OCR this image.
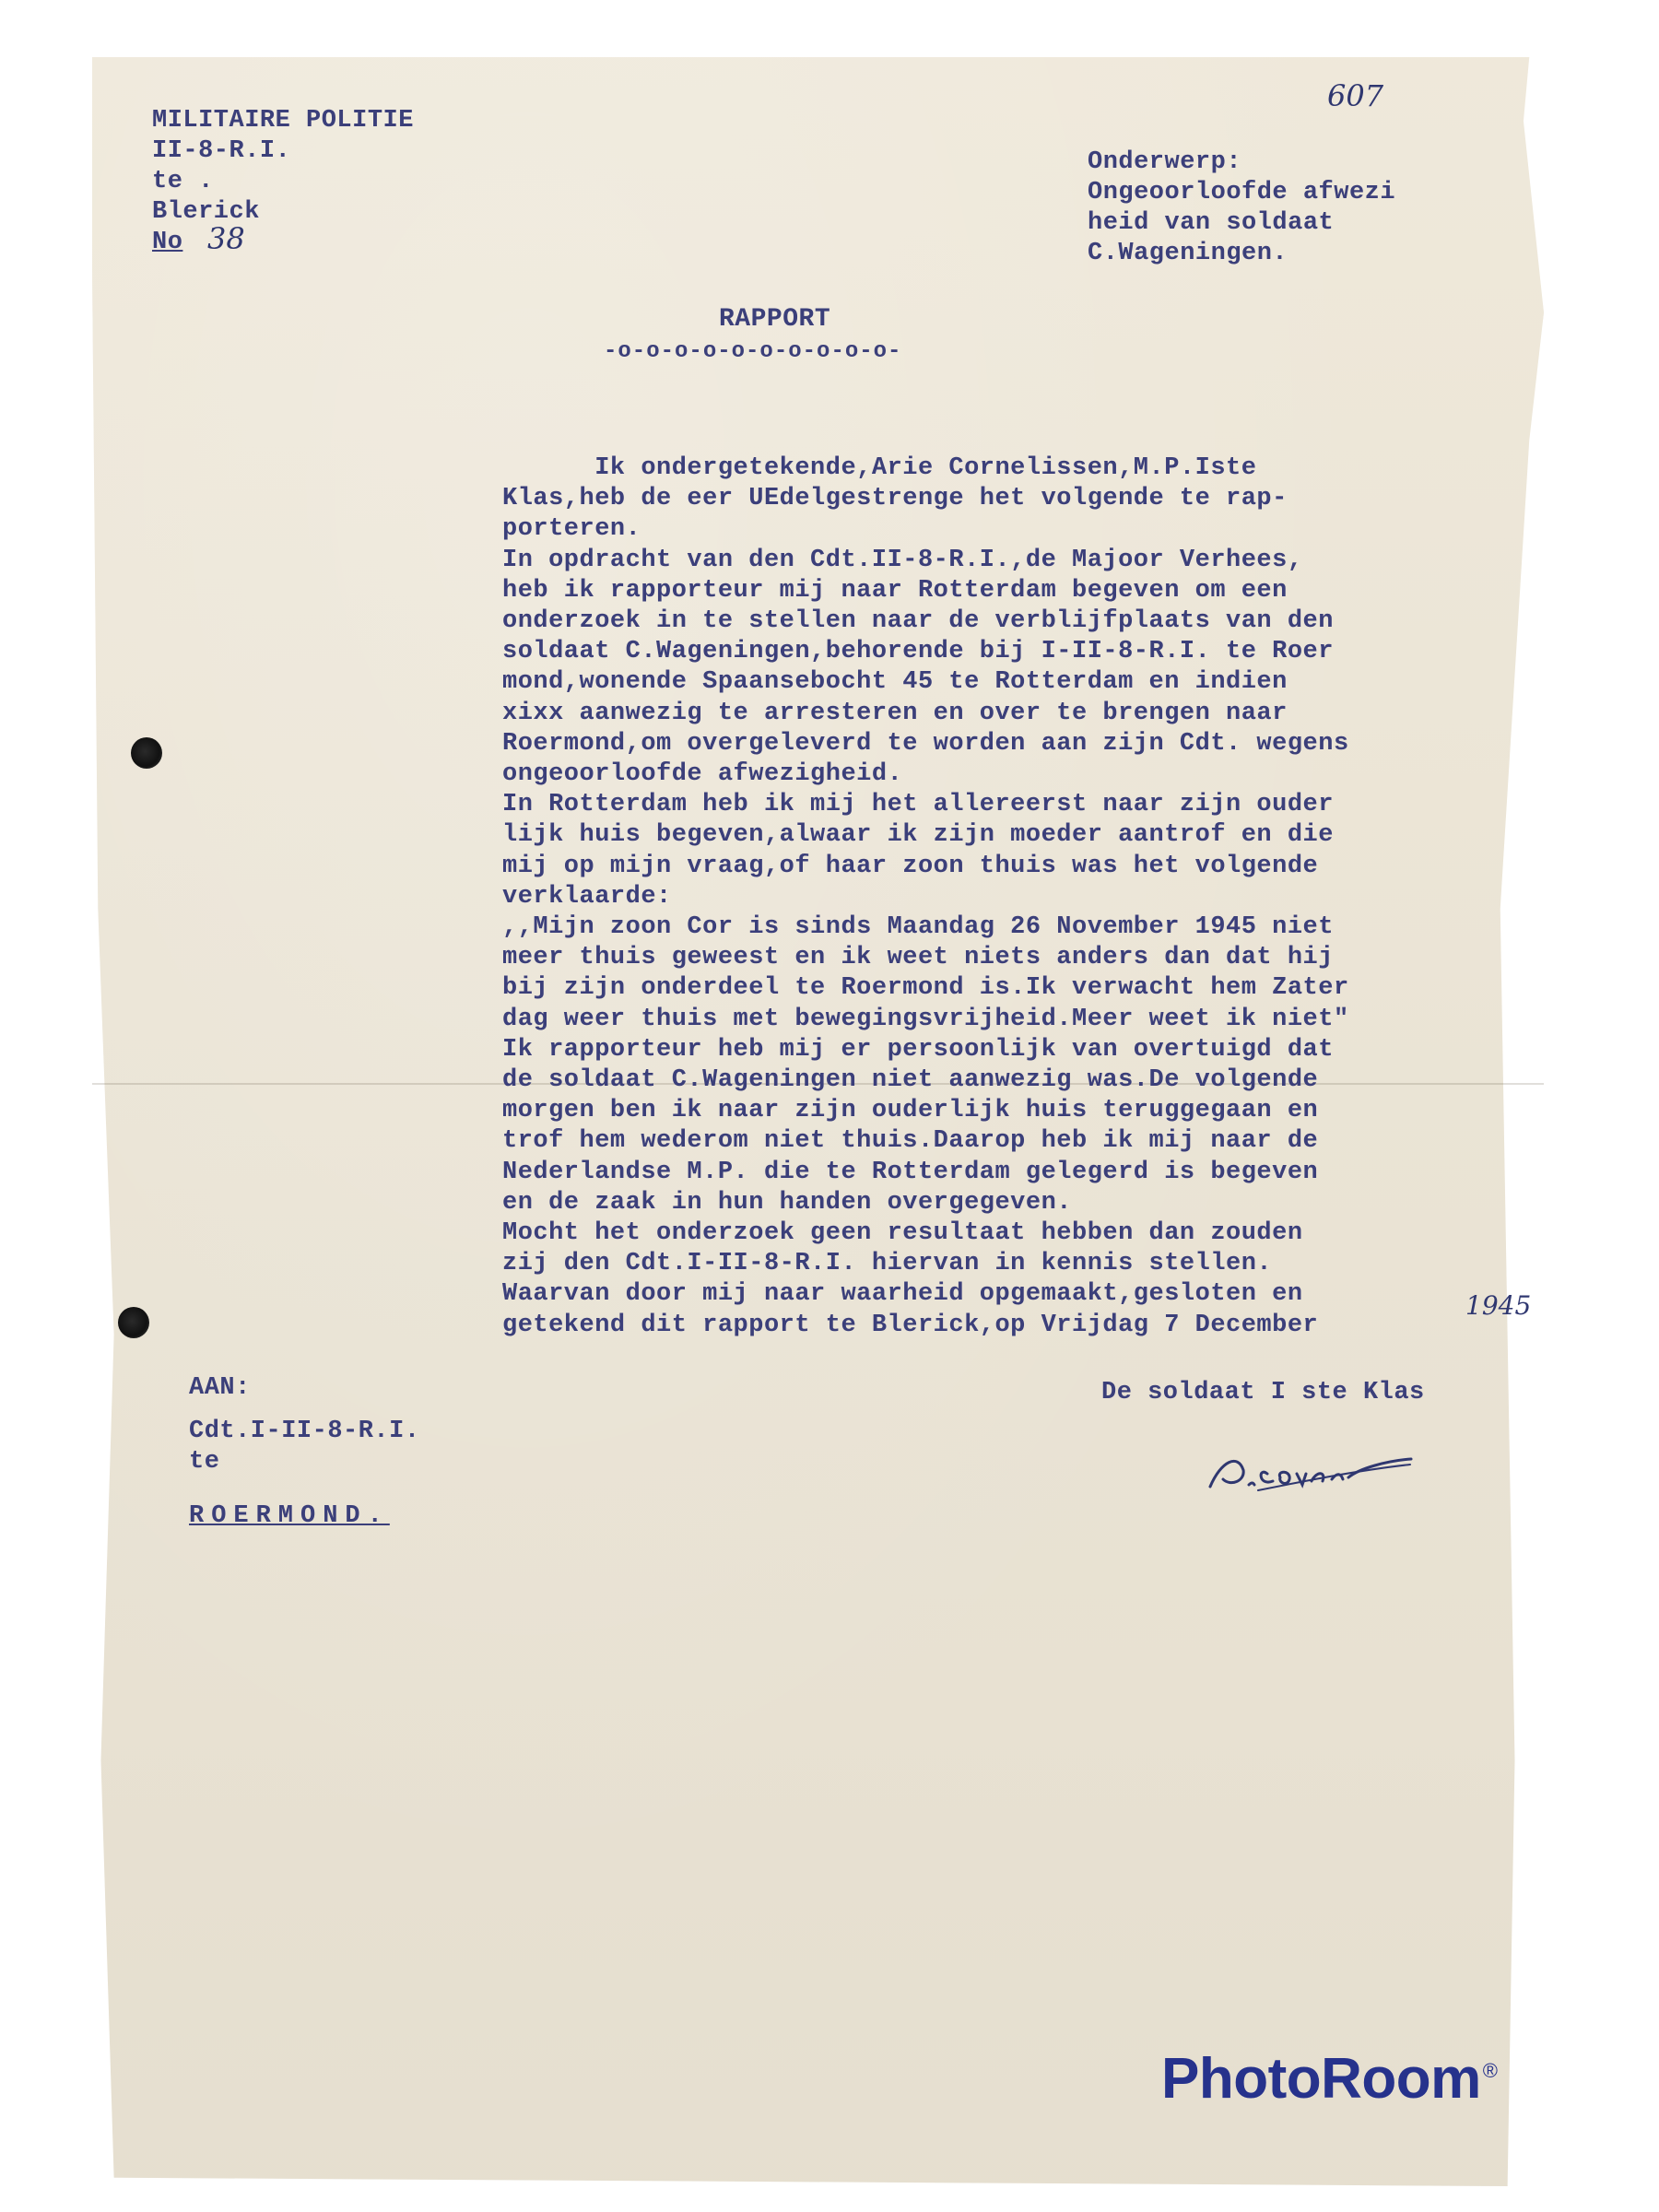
MILITAIRE POLITIE
II-8-R.I.
te .
Blerick
No 38
607
Onderwerp:
Ongeoorloofde afwezi
heid van soldaat
C.Wageningen.
RAPPORT
-o-o-o-o-o-o-o-o-o-o-
Ik ondergetekende,Arie Cornelissen,M.P.Iste
Klas,heb de eer UEdelgestrenge het volgende te rap-
porteren.
In opdracht van den Cdt.II-8-R.I.,de Majoor Verhees,
heb ik rapporteur mij naar Rotterdam begeven om een
onderzoek in te stellen naar de verblijfplaats van den
soldaat C.Wageningen,behorende bij I-II-8-R.I. te Roer
mond,wonende Spaansebocht 45 te Rotterdam en indien
xixx aanwezig te arresteren en over te brengen naar
Roermond,om overgeleverd te worden aan zijn Cdt. wegens
ongeoorloofde afwezigheid.
In Rotterdam heb ik mij het allereerst naar zijn ouder
lijk huis begeven,alwaar ik zijn moeder aantrof en die
mij op mijn vraag,of haar zoon thuis was het volgende
verklaarde:
,,Mijn zoon Cor is sinds Maandag 26 November 1945 niet
meer thuis geweest en ik weet niets anders dan dat hij
bij zijn onderdeel te Roermond is.Ik verwacht hem Zater
dag weer thuis met bewegingsvrijheid.Meer weet ik niet"
Ik rapporteur heb mij er persoonlijk van overtuigd dat
de soldaat C.Wageningen niet aanwezig was.De volgende
morgen ben ik naar zijn ouderlijk huis teruggegaan en
trof hem wederom niet thuis.Daarop heb ik mij naar de
Nederlandse M.P. die te Rotterdam gelegerd is begeven
en de zaak in hun handen overgegeven.
Mocht het onderzoek geen resultaat hebben dan zouden
zij den Cdt.I-II-8-R.I. hiervan in kennis stellen.
Waarvan door mij naar waarheid opgemaakt,gesloten en
getekend dit rapport te Blerick,op Vrijdag 7 December
1945
AAN:
Cdt.I-II-8-R.I.
te
ROERMOND.
De soldaat I ste Klas
PhotoRoom®
